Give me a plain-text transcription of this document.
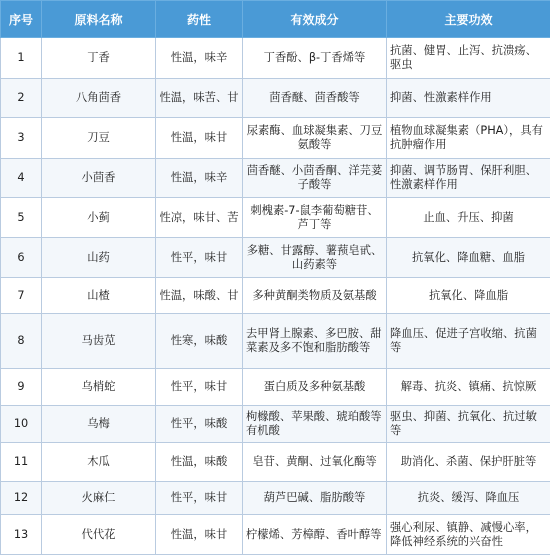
序号	原料名称	药性	有效成分	主要功效
1	丁香	性温，味辛	丁香酚、β-丁香烯等	抗菌、健胃、止泻、抗溃疡、驱虫
2	八角茴香	性温，味苦、甘	茴香醚、茴香酸等	抑菌、性激素样作用
3	刀豆	性温，味甘	尿素酶、血球凝集素、刀豆氨酸等	植物血球凝集素（PHA），具有抗肿瘤作用
4	小茴香	性温，味辛	茴香醚、小茴香酮、洋芫荽子酸等	抑菌、调节肠胃、保肝利胆、性激素样作用
5	小蓟	性凉，味甘、苦	刺槐素-7-鼠李葡萄糖苷、芦丁等	止血、升压、抑菌
6	山药	性平，味甘	多糖、甘露醇、薯蓣皂甙、山药素等	抗氧化、降血糖、血脂
7	山楂	性温，味酸、甘	多种黄酮类物质及氨基酸	抗氧化、降血脂
8	马齿苋	性寒，味酸	去甲肾上腺素、多巴胺、甜菜素及多不饱和脂肪酸等	降血压、促进子宫收缩、抗菌等
9	乌梢蛇	性平，味甘	蛋白质及多种氨基酸	解毒、抗炎、镇痛、抗惊厥
10	乌梅	性平，味酸	枸橼酸、苹果酸、琥珀酸等有机酸	驱虫、抑菌、抗氧化、抗过敏等
11	木瓜	性温，味酸	皂苷、黄酮、过氧化酶等	助消化、杀菌、保护肝脏等
12	火麻仁	性平，味甘	葫芦巴碱、脂肪酸等	抗炎、缓泻、降血压
13	代代花	性温，味甘	柠檬烯、芳樟醇、香叶醇等	强心利尿、镇静、减慢心率，降低神经系统的兴奋性
